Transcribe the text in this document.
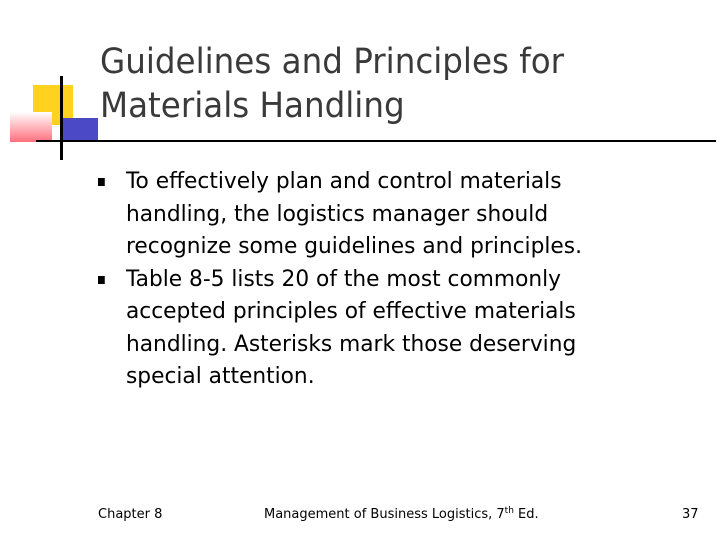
Guidelines and Principles for Materials Handling
To effectively plan and control materials handling, the logistics manager should recognize some guidelines and principles.
Table 8-5 lists 20 of the most commonly accepted principles of effective materials handling. Asterisks mark those deserving special attention.
Chapter 8	Management of Business Logistics, 7th Ed.	37
